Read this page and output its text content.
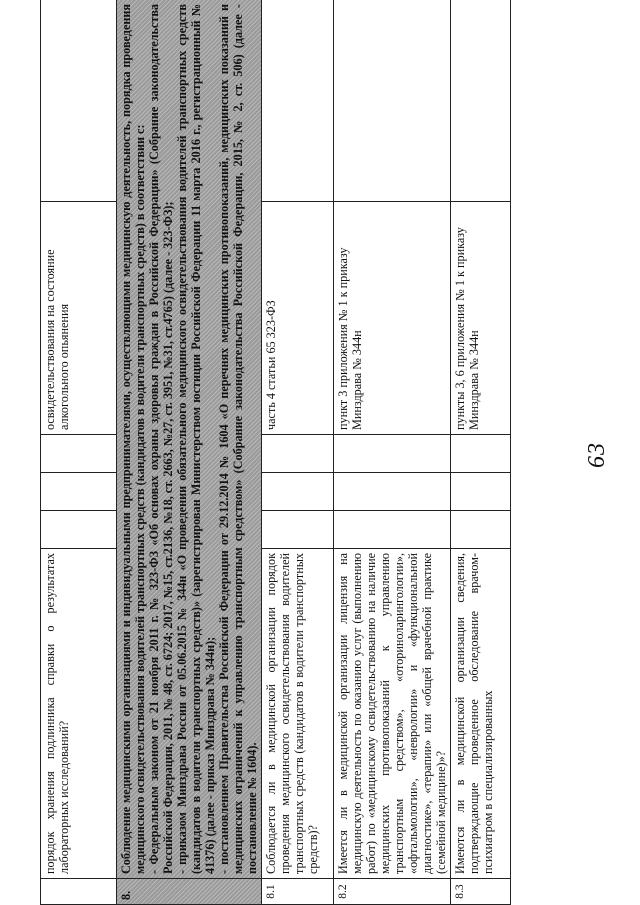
63
	порядок хранения подлинника справки о результатах лабораторных исследований?				освидетельствования на состояние алкогольного опьянения	
8.	Соблюдение медицинскими организациями и индивидуальными предпринимателями, осуществляющими медицинскую деятельность, порядка проведения медицинского освидетельствования водителей транспортных средств (кандидатов в водители транспортных средств) в соответствии с: - Федеральным законом от 21 ноября 2011 г. № 323-ФЗ «Об основах охраны здоровья граждан в Российской Федерации» (Собрание законодательства Российской Федерации, 2011, № 48, ст. 6724; 2017, №15, ст.2136, №18, ст. 2663, №27, ст. 3951, №31, ст.4765) (далее - 323-ФЗ); - приказом Минздрава России от 05.06.2015 № 344н «О проведении обязательного медицинского освидетельствования водителей транспортных средств (кандидатов в водители транспортных средств)» (зарегистрирован Министерством юстиции Российской Федерации 11 марта 2016 г., регистрационный № 41376) (далее - приказ Минздрава № 344н); - постановлением Правительства Российской Федерации от 29.12.2014 № 1604 «О перечнях медицинских противопоказаний, медицинских показаний и медицинских ограничений к управлению транспортным средством» (Собрание законодательства Российской Федерации, 2015, № 2, ст. 506) (далее - постановление № 1604).					

8.1	Соблюдается ли в медицинской организации порядок проведения медицинского освидетельствования водителей транспортных средств (кандидатов в водители транспортных средств)?				часть 4 статьи 65 323-ФЗ	
8.2	Имеется ли в медицинской организации лицензия на медицинскую деятельность по оказанию услуг (выполнению работ) по «медицинскому освидетельствованию на наличие медицинских противопоказаний к управлению транспортным средством», «оториноларингологии», «офтальмологии», «неврологии» и «функциональной диагностике», «терапии» или «общей врачебной практике (семейной медицине)»?				пункт 3 приложения № 1 к приказу Минздрава № 344н	
8.3	Имеются ли в медицинской организации сведения, подтверждающие проведенное обследование врачом-психиатром в специализированных				пункты 3, 6 приложения № 1 к приказу Минздрава № 344н	
